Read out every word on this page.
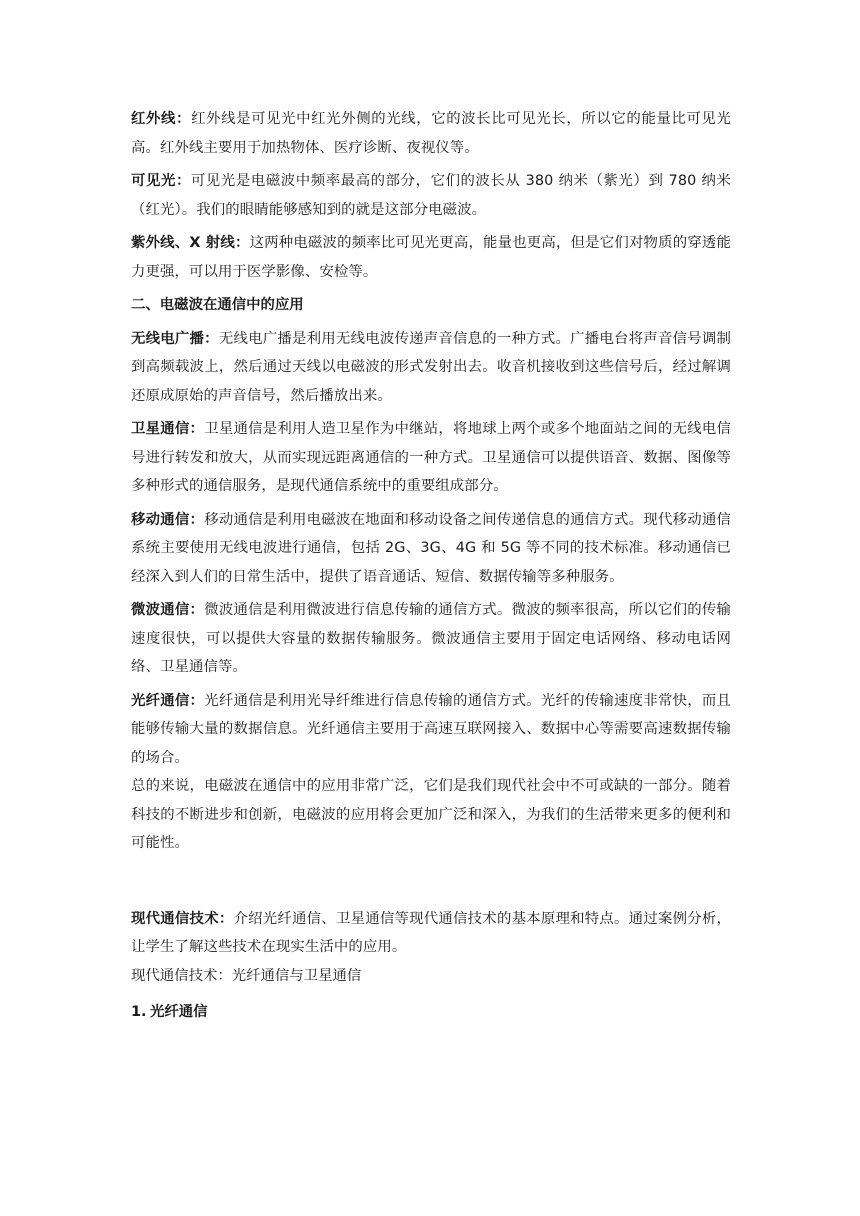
红外线：红外线是可见光中红光外侧的光线，它的波长比可见光长，所以它的能量比可见光高。红外线主要用于加热物体、医疗诊断、夜视仪等。

可见光：可见光是电磁波中频率最高的部分，它们的波长从 380 纳米（紫光）到 780 纳米（红光）。我们的眼睛能够感知到的就是这部分电磁波。

紫外线、X 射线：这两种电磁波的频率比可见光更高，能量也更高，但是它们对物质的穿透能力更强，可以用于医学影像、安检等。

二、电磁波在通信中的应用

无线电广播：无线电广播是利用无线电波传递声音信息的一种方式。广播电台将声音信号调制到高频载波上，然后通过天线以电磁波的形式发射出去。收音机接收到这些信号后，经过解调还原成原始的声音信号，然后播放出来。

卫星通信：卫星通信是利用人造卫星作为中继站，将地球上两个或多个地面站之间的无线电信号进行转发和放大，从而实现远距离通信的一种方式。卫星通信可以提供语音、数据、图像等多种形式的通信服务，是现代通信系统中的重要组成部分。

移动通信：移动通信是利用电磁波在地面和移动设备之间传递信息的通信方式。现代移动通信系统主要使用无线电波进行通信，包括 2G、3G、4G 和 5G 等不同的技术标准。移动通信已经深入到人们的日常生活中，提供了语音通话、短信、数据传输等多种服务。

微波通信：微波通信是利用微波进行信息传输的通信方式。微波的频率很高，所以它们的传输速度很快，可以提供大容量的数据传输服务。微波通信主要用于固定电话网络、移动电话网络、卫星通信等。

光纤通信：光纤通信是利用光导纤维进行信息传输的通信方式。光纤的传输速度非常快，而且能够传输大量的数据信息。光纤通信主要用于高速互联网接入、数据中心等需要高速数据传输的场合。

总的来说，电磁波在通信中的应用非常广泛，它们是我们现代社会中不可或缺的一部分。随着科技的不断进步和创新，电磁波的应用将会更加广泛和深入，为我们的生活带来更多的便利和可能性。

现代通信技术：介绍光纤通信、卫星通信等现代通信技术的基本原理和特点。通过案例分析，让学生了解这些技术在现实生活中的应用。

现代通信技术：光纤通信与卫星通信

1. 光纤通信
